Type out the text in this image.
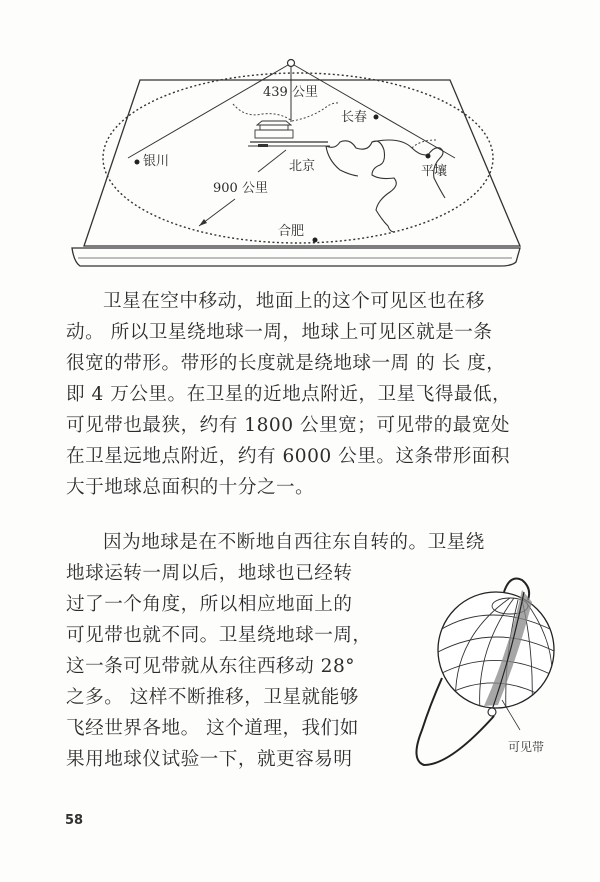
439 公里
长春
银川	北京	平壤
900 公里
合肥
卫星在空中移动，地面上的这个可见区也在移
动。 所以卫星绕地球一周，地球上可见区就是一条
很宽的带形。带形的长度就是绕地球一周 的 长 度，
即 4 万公里。在卫星的近地点附近，卫星飞得最低，
可见带也最狭，约有 1800 公里宽；可见带的最宽处
在卫星远地点附近，约有 6000 公里。这条带形面积
大于地球总面积的十分之一。
因为地球是在不断地自西往东自转的。卫星绕
地球运转一周以后，地球也已经转
过了一个角度，所以相应地面上的
可见带也就不同。卫星绕地球一周，
这一条可见带就从东往西移动 28°
之多。 这样不断推移，卫星就能够
飞经世界各地。 这个道理，我们如
果用地球仪试验一下，就更容易明
可见带
58
